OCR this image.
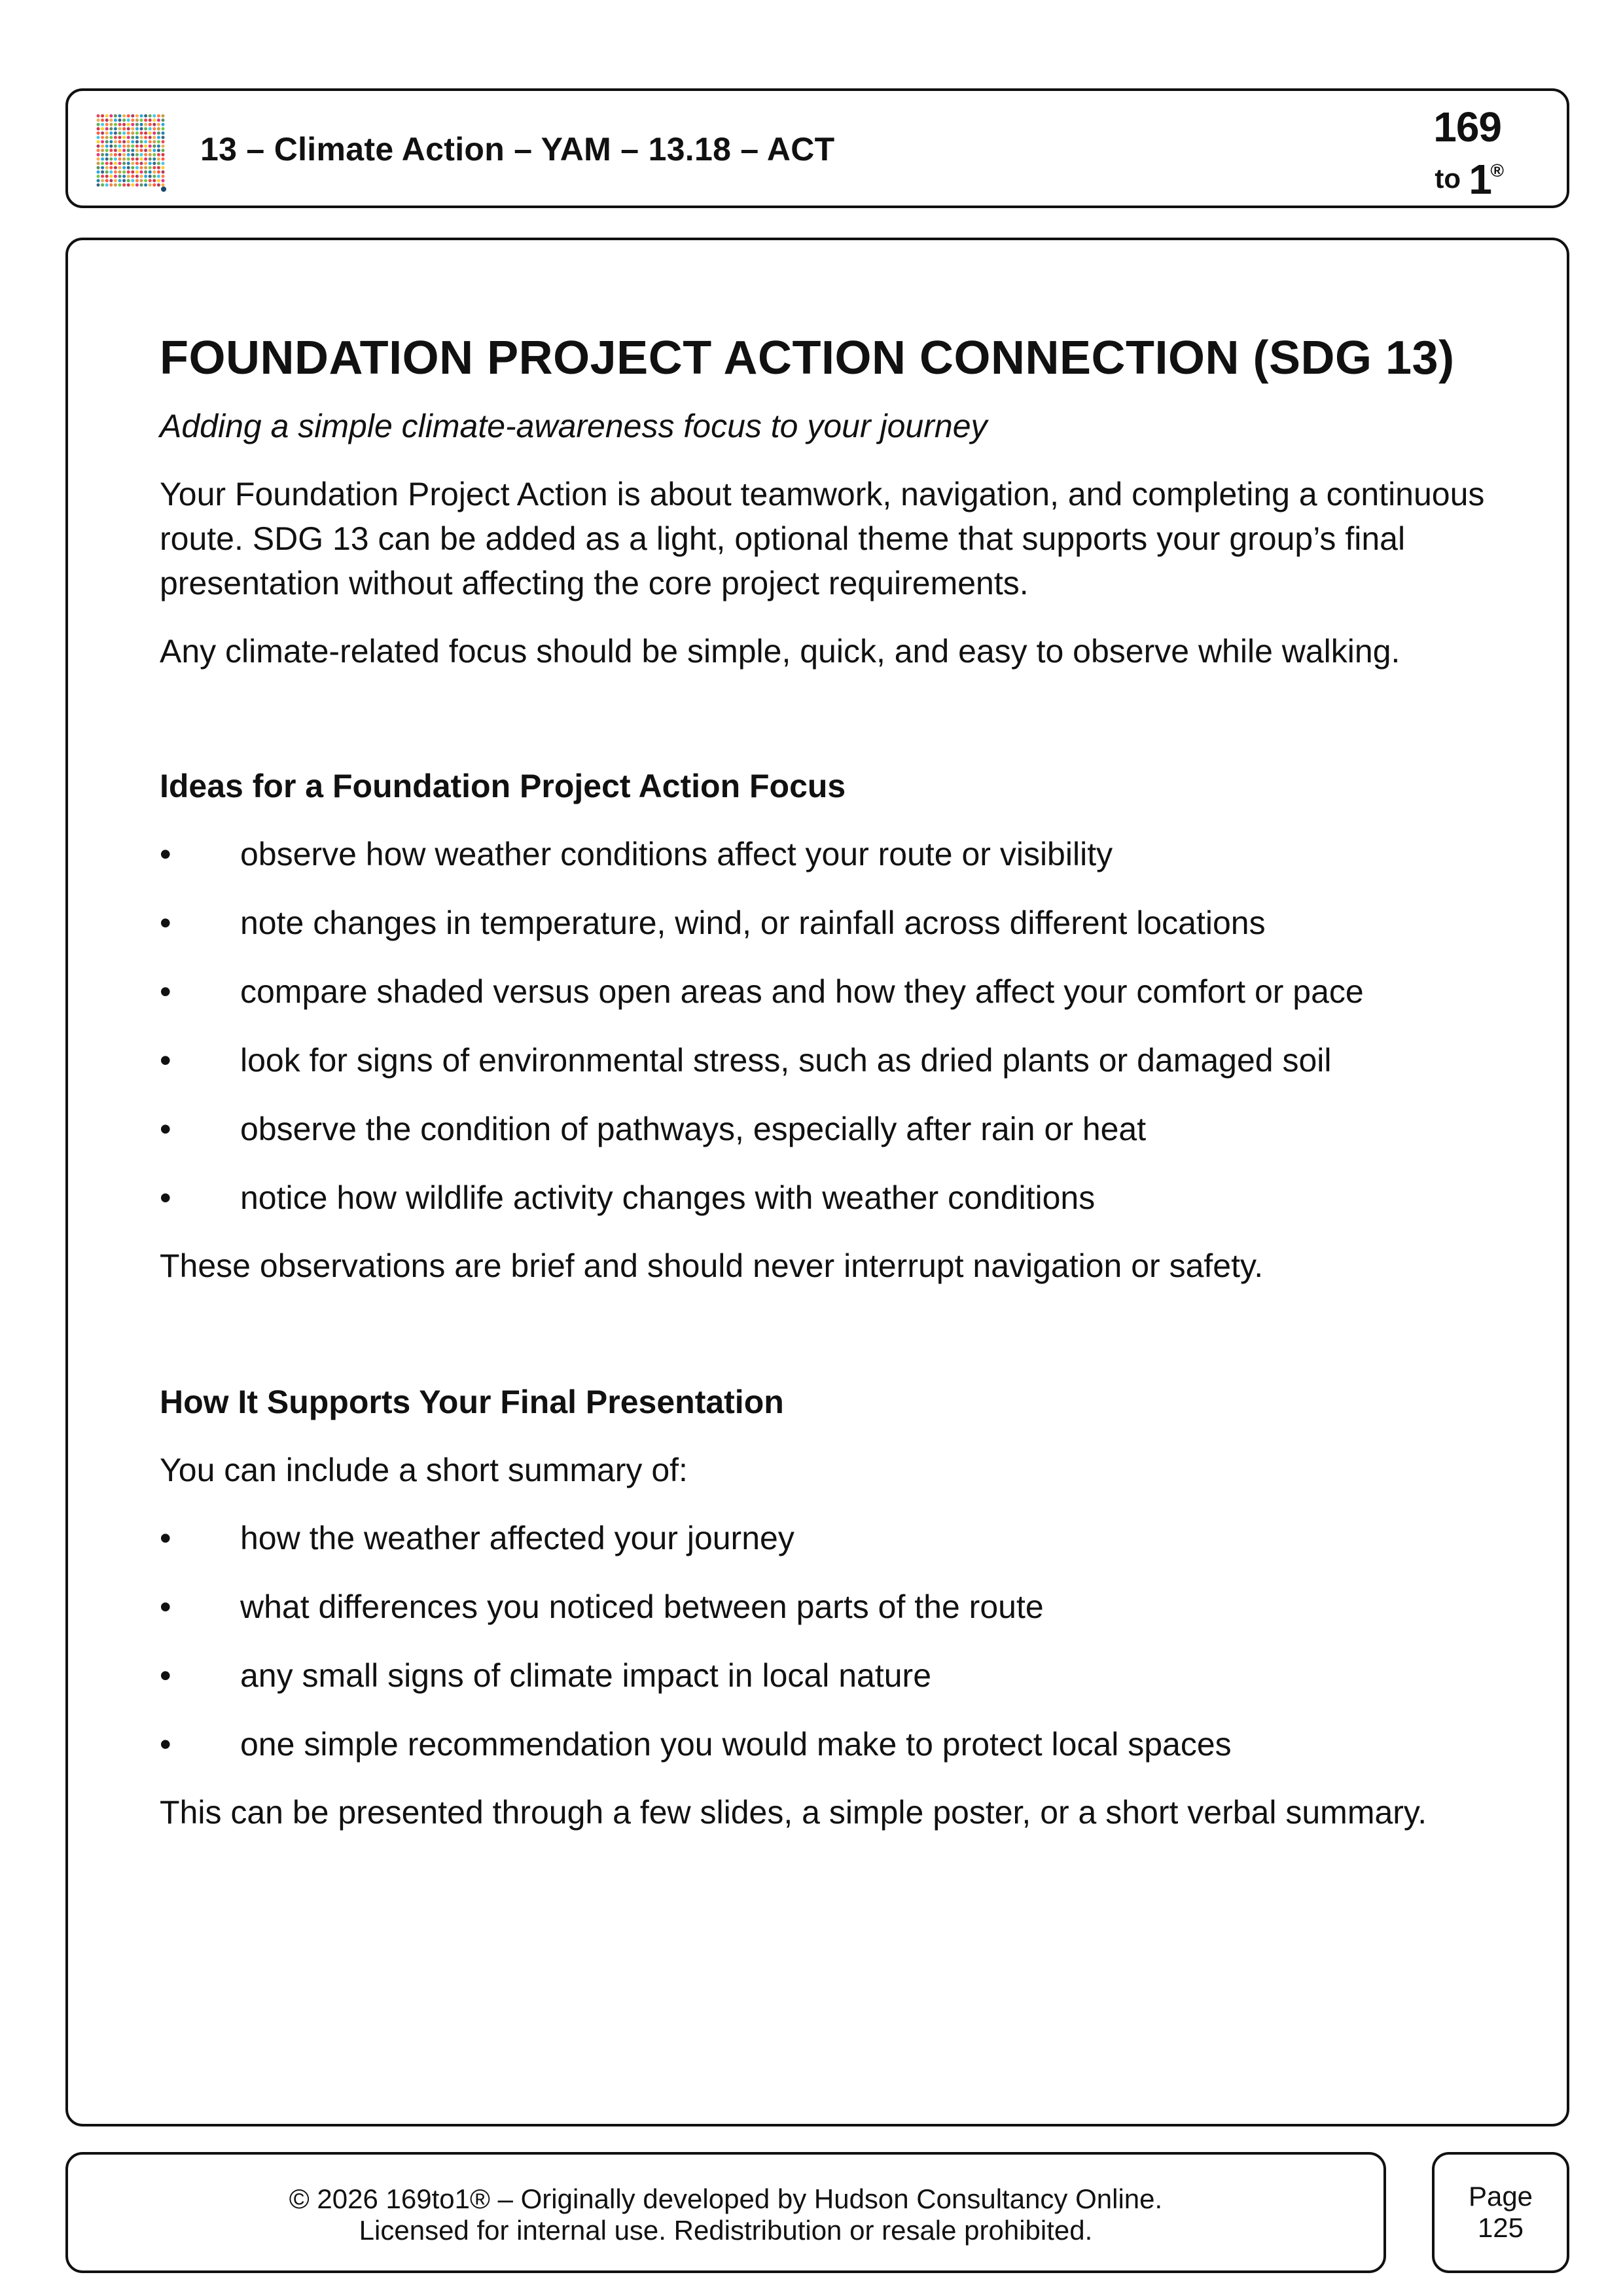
13 – Climate Action – YAM – 13.18 – ACT	169
to 1
®
FOUNDATION PROJECT ACTION CONNECTION (SDG 13)
Adding a simple climate-awareness focus to your journey

Your Foundation Project Action is about teamwork, navigation, and completing a continuous route. SDG 13 can be added as a light, optional theme that supports your group’s final presentation without affecting the core project requirements.

Any climate-related focus should be simple, quick, and easy to observe while walking.

Ideas for a Foundation Project Action Focus
•	observe how weather conditions affect your route or visibility
•	note changes in temperature, wind, or rainfall across different locations
•	compare shaded versus open areas and how they affect your comfort or pace
•	look for signs of environmental stress, such as dried plants or damaged soil
•	observe the condition of pathways, especially after rain or heat
•	notice how wildlife activity changes with weather conditions

These observations are brief and should never interrupt navigation or safety.

How It Supports Your Final Presentation

You can include a short summary of:

•	how the weather affected your journey
•	what differences you noticed between parts of the route
•	any small signs of climate impact in local nature
•	one simple recommendation you would make to protect local spaces

This can be presented through a few slides, a simple poster, or a short verbal summary.

© 2026 169to1® – Originally developed by Hudson Consultancy Online.
Licensed for internal use. Redistribution or resale prohibited.
Page
125
